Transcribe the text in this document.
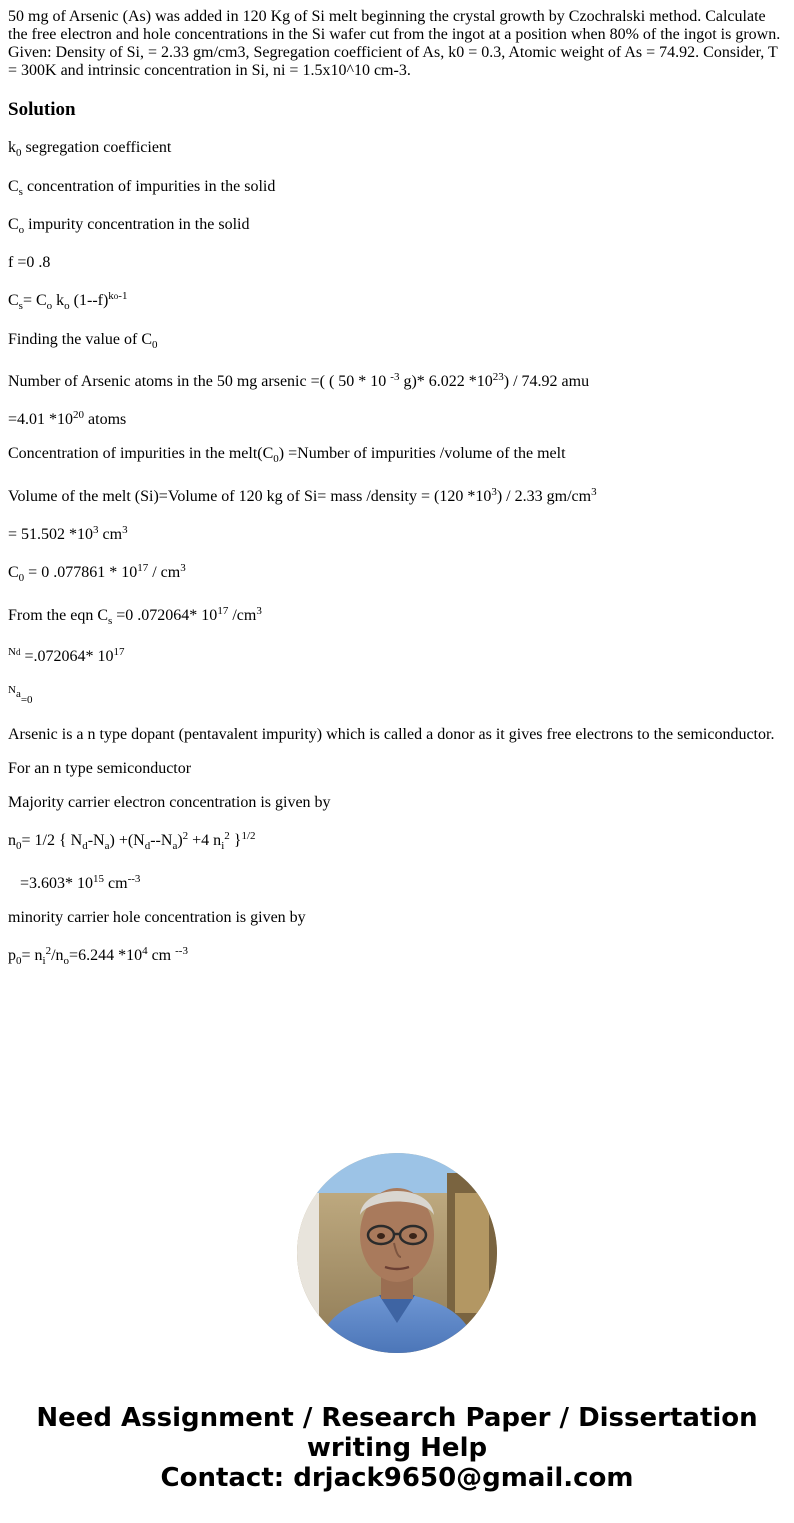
50 mg of Arsenic (As) was added in 120 Kg of Si melt beginning the crystal growth by Czochralski method. Calculate the free electron and hole concentrations in the Si wafer cut from the ingot at a position when 80% of the ingot is grown. Given: Density of Si, = 2.33 gm/cm3, Segregation coefficient of As, k0 = 0.3, Atomic weight of As = 74.92. Consider, T = 300K and intrinsic concentration in Si, ni = 1.5x10^10 cm-3.

Solution

$k_0$ segregation coefficient

$C_s$ concentration of impurities in the solid

$C_o$ impurity concentration in the solid

f =0 .8

$C_s= C_o$ $k_o$ $(1--f)^{ko-1}$

Finding the value of $C_0$

Number of Arsenic atoms in the 50 mg arsenic =( ( 50 * 10 $^{-3}$ g)* 6.022 $*10^{23}) / 74.92$ amu

=4.01 $*10^{20}$ atoms

Concentration of impurities in the $melt(C_0)$ =Number of impurities /volume of the melt

Volume of the melt (Si)=Volume of 120 kg of Si= mass /density = (120 $*10^3) / 2.33$ $gm/cm^3$

= 51.502 $*10^3$ $cm^3$

$C_0 = 0$ $.077861 * 10^{17} / cm^3$

From the eqn $C_s =0$ .072064* $10^{17}$ $/cm^3$

$^{Nd}$ =.072064* $10^{17}$

$^{N_a}_{=0}$

Arsenic is a n type dopant (pentavalent impurity) which is called a donor as it gives free electrons to the semiconductor.

For an n type semiconductor

Majority carrier electron concentration is given by

$n_0= 1/2$ { $N_d-N_a) +(N_d--N_a)^2 +4$ $n_i^2$ }$^{1/2}$

=3.603* $10^{15}$ $cm^{--3}$

minority carrier hole concentration is given by

$p_0= n_i^2/n_o=6.244$ $*10^4$ cm $^{--3}$

Need Assignment / Research Paper / Dissertation
writing Help
Contact: drjack9650@gmail.com
